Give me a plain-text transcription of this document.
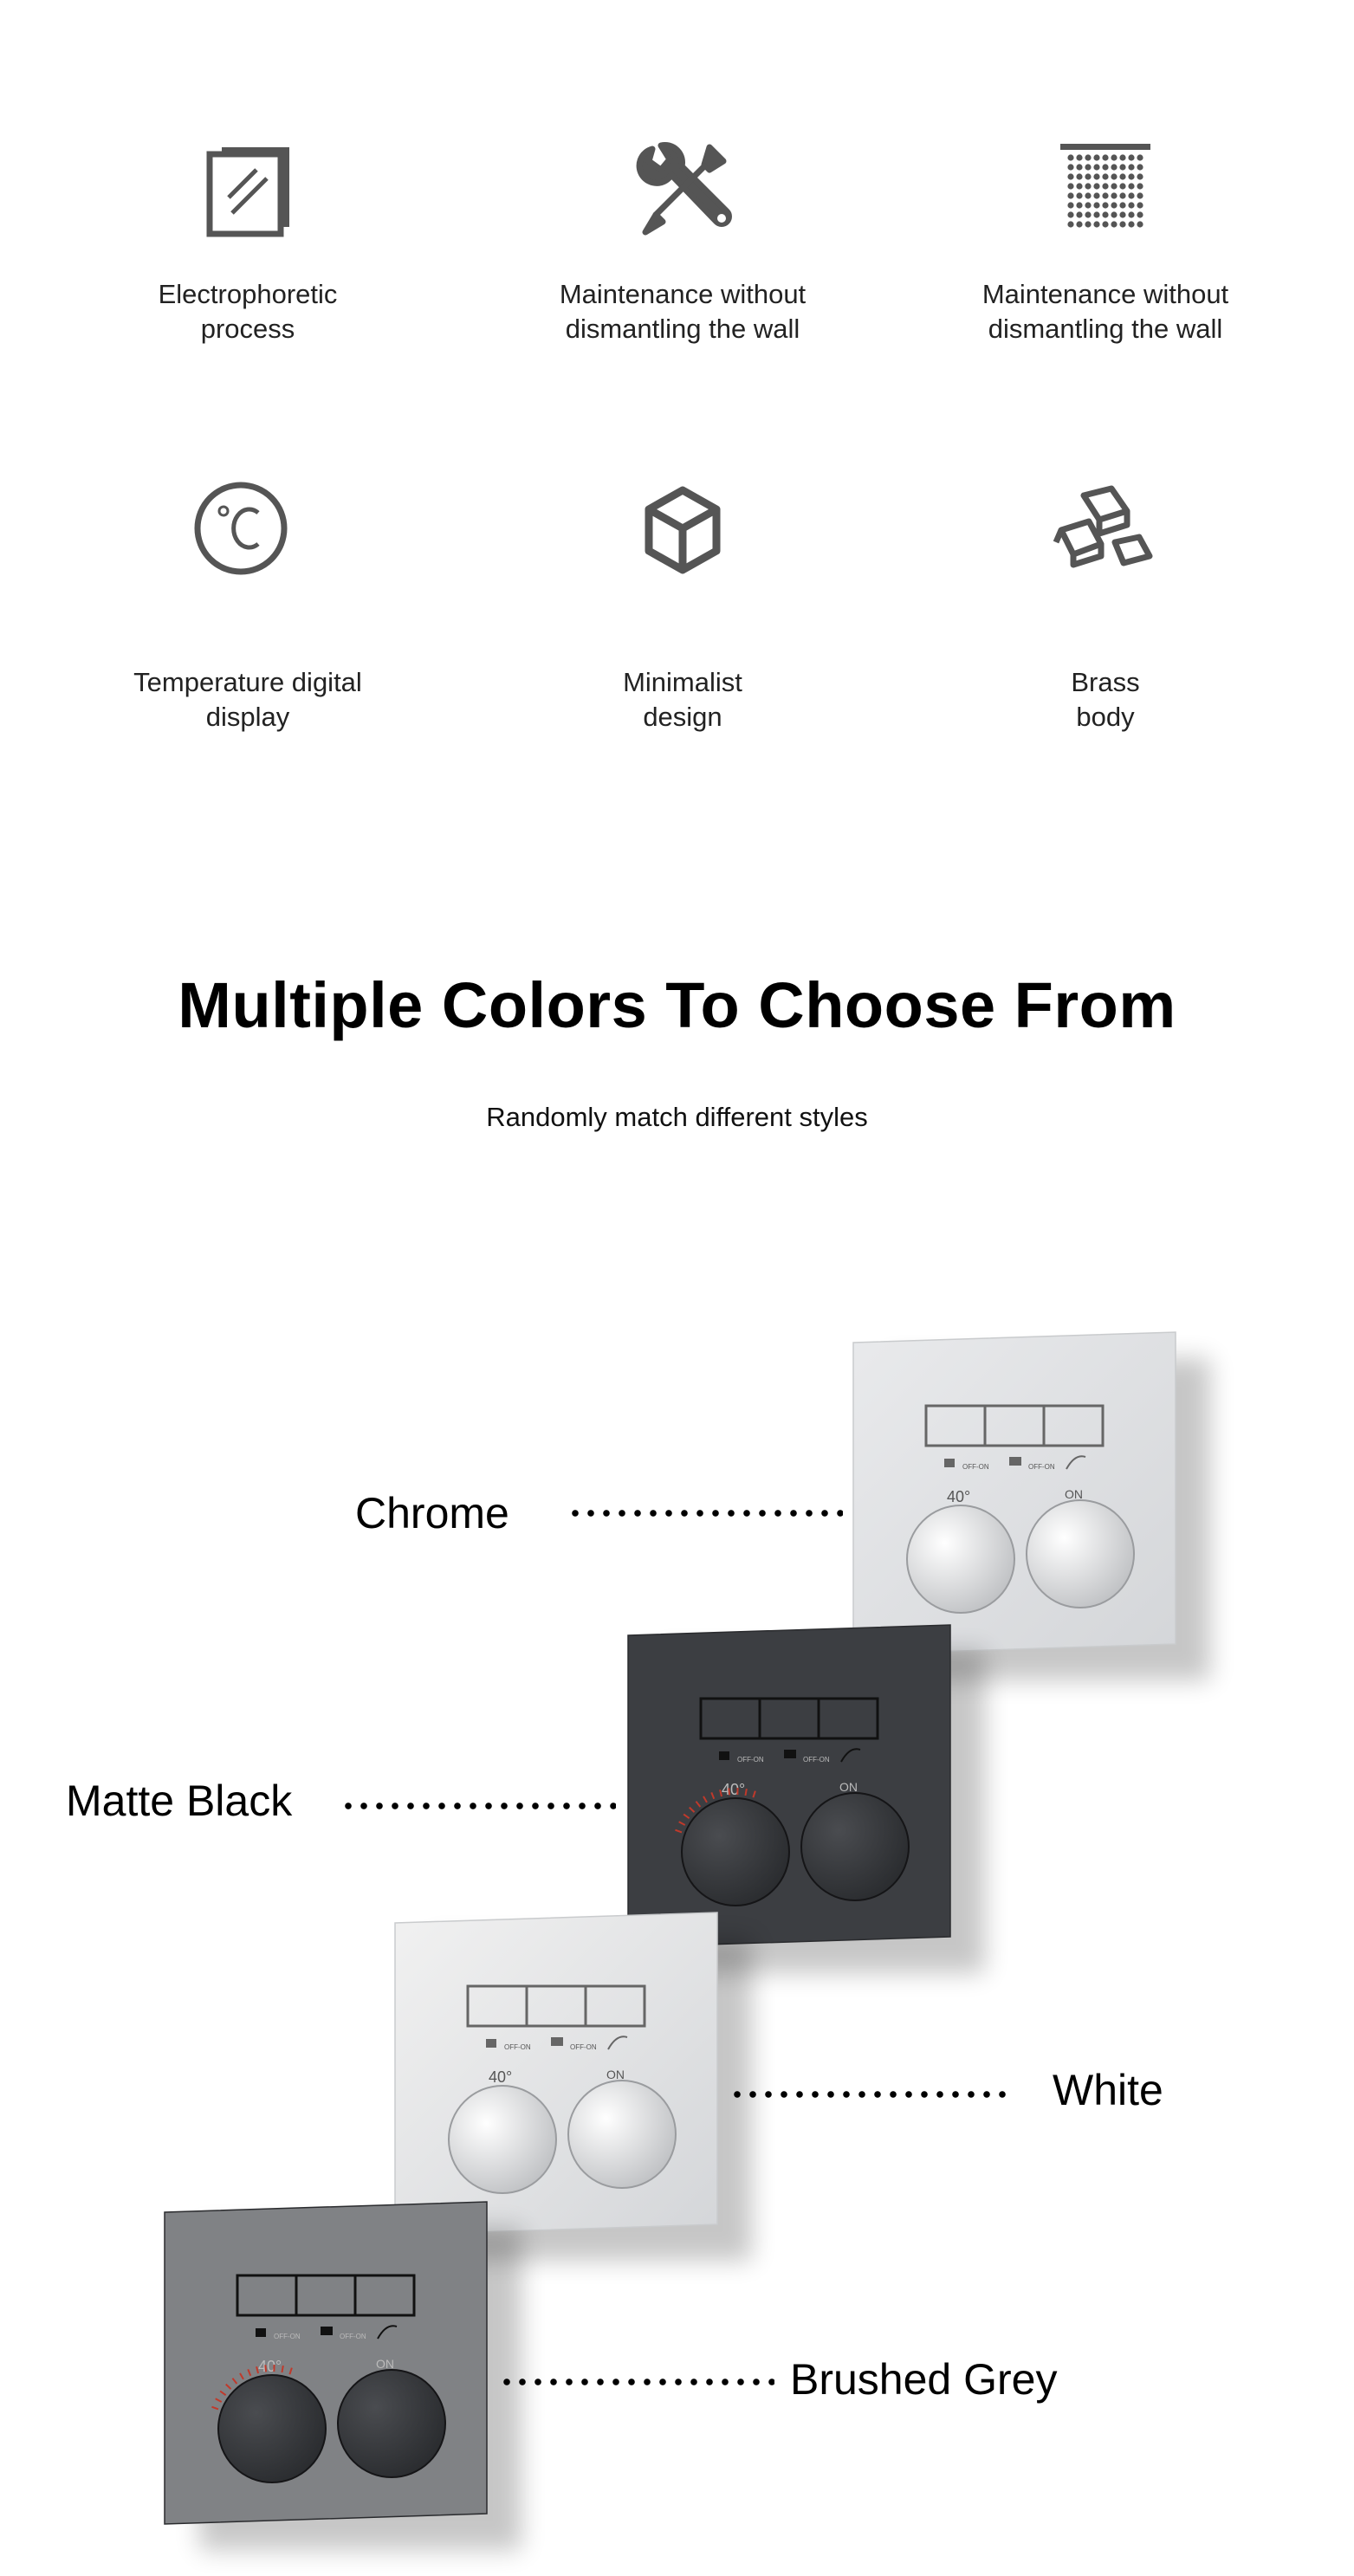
Electrophoretic
process
Maintenance without
dismantling the wall
Maintenance without
dismantling the wall
Temperature digital
display
Minimalist
design
Brass
body
Multiple Colors To Choose From
Randomly match different styles
Chrome
Matte Black
White
Brushed Grey
OFF-ON	OFF-ON
40°	ON
OFF-ON	OFF-ON
40°	ON
OFF-ON	OFF-ON
40°	ON
OFF-ON	OFF-ON
40°	ON
